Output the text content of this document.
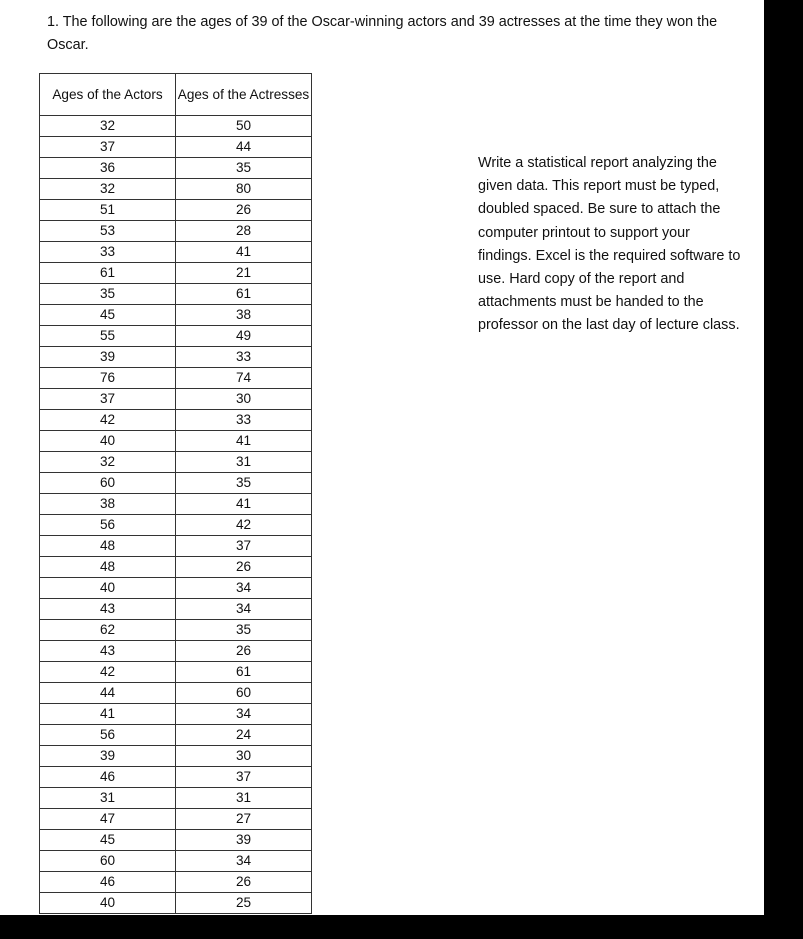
1. The following are the ages of 39 of the Oscar-winning actors and 39 actresses at the time they won the Oscar.

Ages of the Actors	Ages of the Actresses
32	50
37	44
36	35
32	80
51	26
53	28
33	41
61	21
35	61
45	38
55	49
39	33
76	74
37	30
42	33
40	41
32	31
60	35
38	41
56	42
48	37
48	26
40	34
43	34
62	35
43	26
42	61
44	60
41	34
56	24
39	30
46	37
31	31
47	27
45	39
60	34
46	26
40	25

Write a statistical report analyzing the given data. This report must be typed, doubled spaced. Be sure to attach the computer printout to support your findings. Excel is the required software to use. Hard copy of the report and attachments must be handed to the professor on the last day of lecture class.
